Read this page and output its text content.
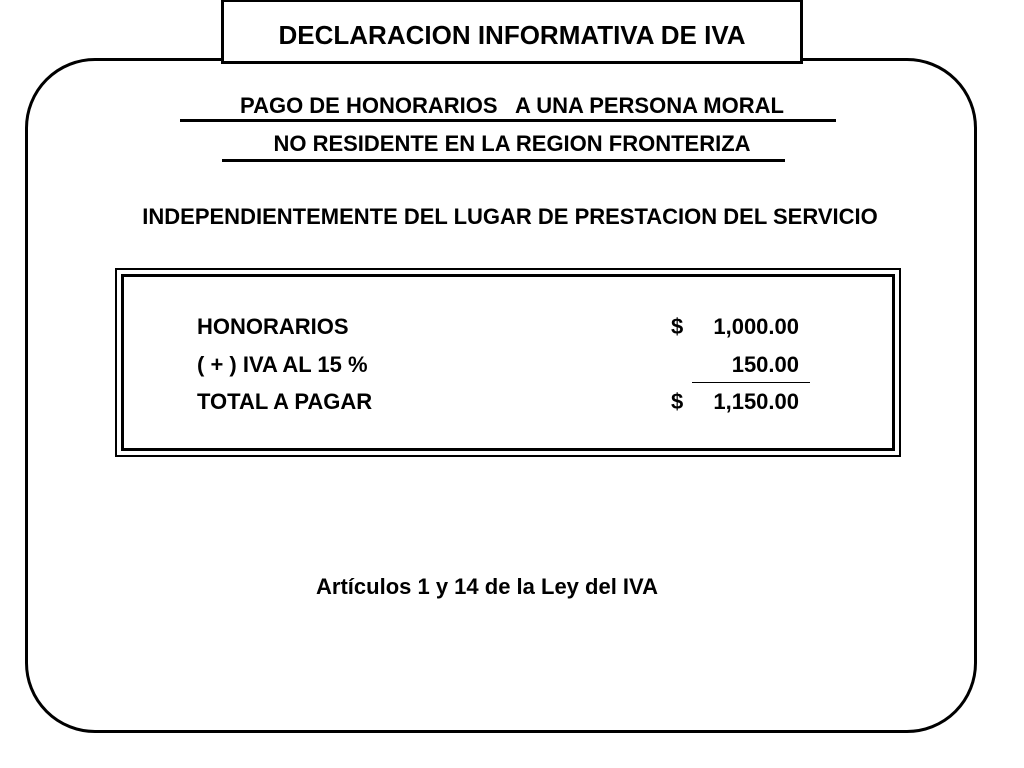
DECLARACION INFORMATIVA DE IVA
PAGO DE HONORARIOS   A UNA PERSONA MORAL
NO RESIDENTE EN LA REGION FRONTERIZA
INDEPENDIENTEMENTE DEL LUGAR DE PRESTACION DEL SERVICIO
HONORARIOS	$ 1,000.00
( + ) IVA AL 15 %	150.00
TOTAL A PAGAR	$ 1,150.00
Artículos 1 y 14 de la Ley del IVA
